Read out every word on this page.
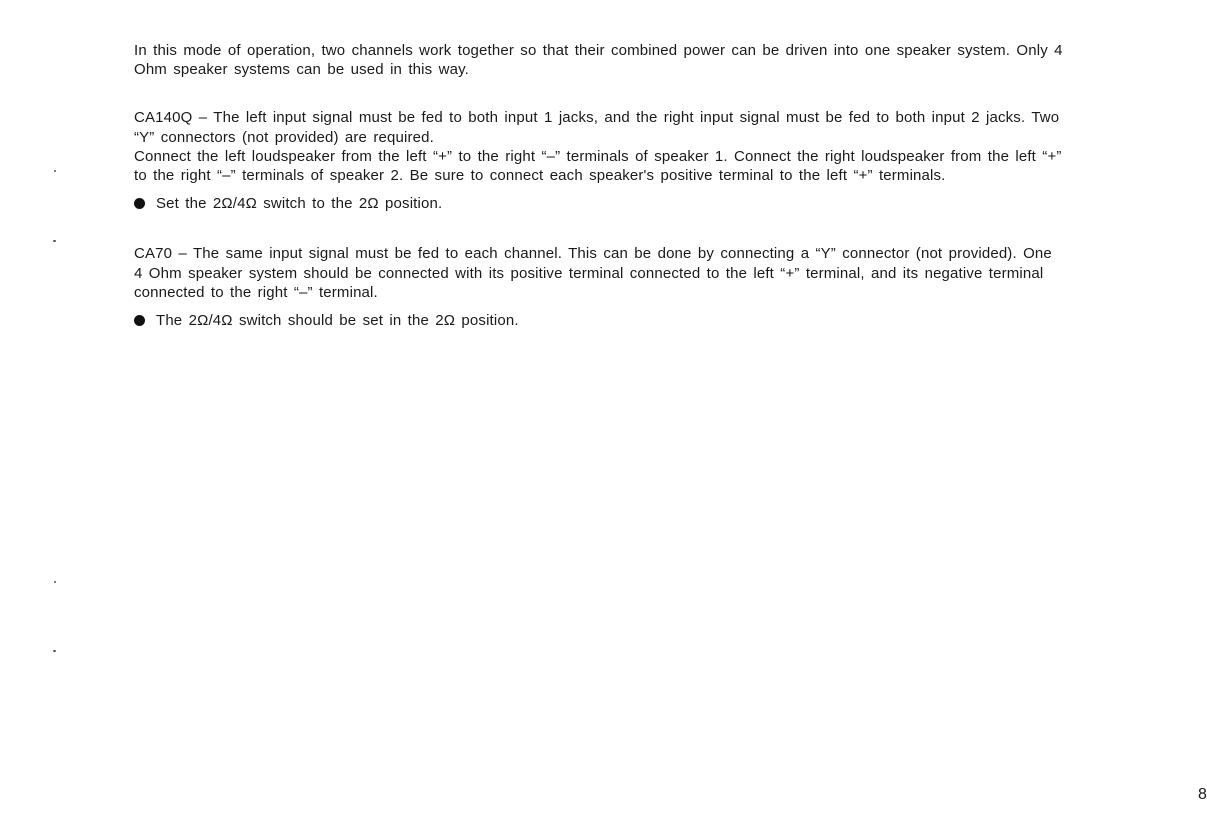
In this mode of operation, two channels work together so that their combined power can be driven into one speaker system. Only 4
Ohm speaker systems can be used in this way.

CA140Q – The left input signal must be fed to both input 1 jacks, and the right input signal must be fed to both input 2 jacks. Two
“Y” connectors (not provided) are required.
Connect the left loudspeaker from the left “+” to the right “–” terminals of speaker 1. Connect the right loudspeaker from the left “+”
to the right “–” terminals of speaker 2. Be sure to connect each speaker's positive terminal to the left “+” terminals.

Set the 2Ω/4Ω switch to the 2Ω position.

CA70 – The same input signal must be fed to each channel. This can be done by connecting a “Y” connector (not provided). One
4 Ohm speaker system should be connected with its positive terminal connected to the left “+” terminal, and its negative terminal
connected to the right “–” terminal.

The 2Ω/4Ω switch should be set in the 2Ω position.
8
